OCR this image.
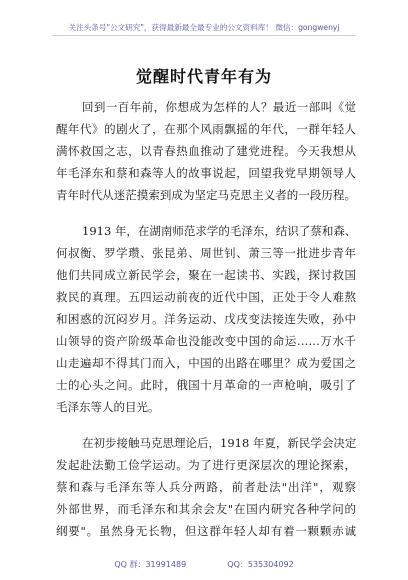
关注头条号"公文研究"，获得最新最全最专业的公文资料库！ 微信：gongwenyj
觉醒时代青年有为
回到一百年前，你想成为怎样的人？最近一部叫《觉
醒年代》的剧火了，在那个风雨飘摇的年代，一群年轻人
满怀救国之志，以青春热血推动了建党进程。今天我想从
年毛泽东和蔡和森等人的故事说起，回望我党早期领导人
青年时代从迷茫摸索到成为坚定马克思主义者的一段历程。
1913 年，在湖南师范求学的毛泽东，结识了蔡和森、
何叔衡、罗学瓒、张昆弟、周世钊、萧三等一批进步青年
他们共同成立新民学会，聚在一起读书、实践，探讨救国
救民的真理。五四运动前夜的近代中国，正处于令人难熬
和困惑的沉闷岁月。洋务运动、戊戌变法接连失败，孙中
山领导的资产阶级革命也没能改变中国的命运……万水千
山走遍却不得其门而入，中国的出路在哪里？成为爱国之
士的心头之问。此时，俄国十月革命的一声枪响，吸引了
毛泽东等人的目光。
在初步接触马克思理论后，1918 年夏，新民学会决定
发起赴法勤工俭学运动。为了进行更深层次的理论探索，
蔡和森与毛泽东等人兵分两路，前者赴法"出洋"，观察
外部世界，而毛泽东和其余会友"在国内研究各种学问的
纲要"。虽然身无长物，但这群年轻人却有着一颗颗赤诚
QQ 群：31991489	QQ：535304092
